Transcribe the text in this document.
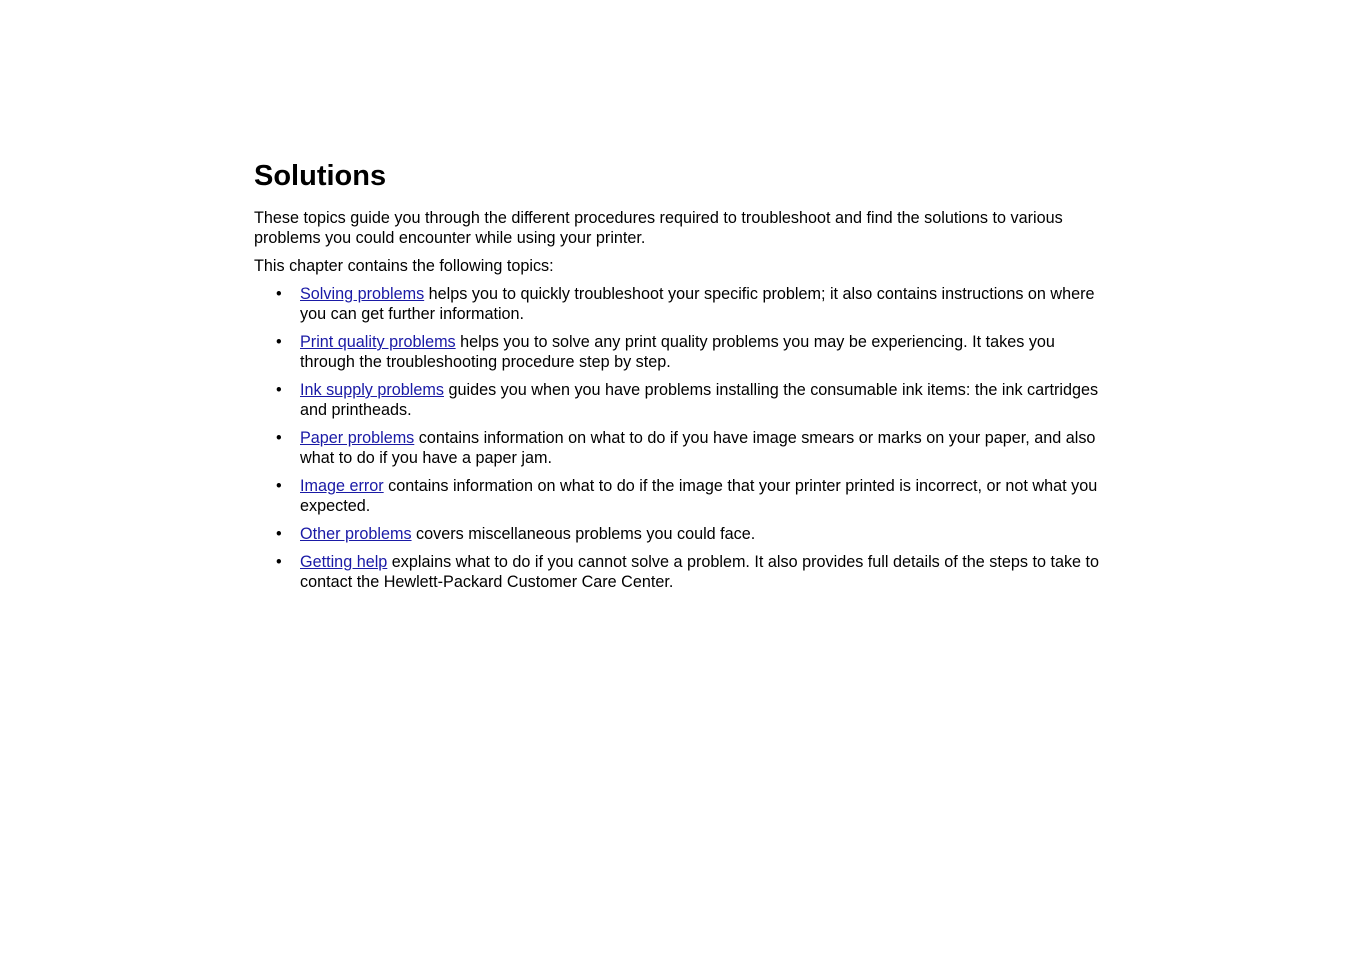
Solutions

These topics guide you through the different procedures required to troubleshoot and find the solutions to various problems you could encounter while using your printer.

This chapter contains the following topics:

• Solving problems helps you to quickly troubleshoot your specific problem; it also contains instructions on where you can get further information.
• Print quality problems helps you to solve any print quality problems you may be experiencing. It takes you through the troubleshooting procedure step by step.
• Ink supply problems guides you when you have problems installing the consumable ink items: the ink cartridges and printheads.
• Paper problems contains information on what to do if you have image smears or marks on your paper, and also what to do if you have a paper jam.
• Image error contains information on what to do if the image that your printer printed is incorrect, or not what you expected.
• Other problems covers miscellaneous problems you could face.
• Getting help explains what to do if you cannot solve a problem. It also provides full details of the steps to take to contact the Hewlett-Packard Customer Care Center.
